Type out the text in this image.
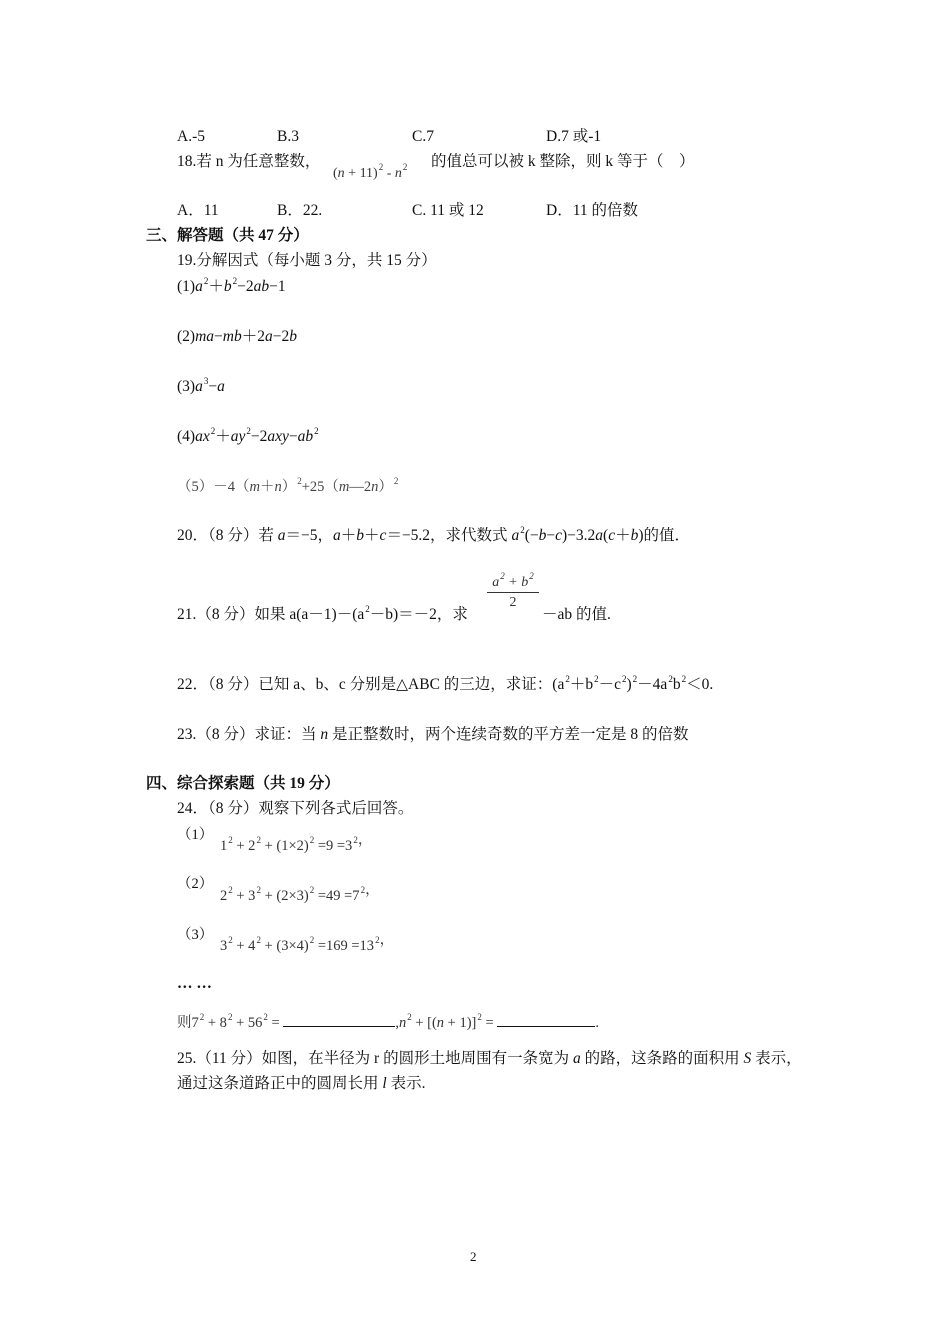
A.-5	B.3	C.7	D.7 或-1
18.若 n 为任意整数，
$(n + 11)^2 - n^2$ 的值总可以被 k 整除，则 k 等于（　）
A．11	B．22.	C. 11 或 12	D．11 的倍数
三、解答题（共 47 分）
19.分解因式（每小题 3 分，共 15 分）
$(1)a^2+b^2-2ab-1$
(2)ma−mb＋2a−2b
$(3)a^3-a$
$(4)ax^2+ay^2-2axy-ab^2$
$(5)-4(m+n)^2+25(m—2n)^2$
20．（8 分）若 a＝−5，a＋b＋c＝−5.2，求代数式 $a^2(-b-c)-3.2a(c+b)$的值．
21.（8 分）如果 $a(a-1)-(a^2-b)=-2$，求
$\frac{a^2 + b^2}{2}$
－ab 的值.
22．（8 分）已知 a、b、c 分别是△ABC 的三边，求证：$(a^2+b^2-c^2)^2-4a^2b^2<0$.
23.（8 分）求证：当 n 是正整数时，两个连续奇数的平方差一定是 8 的倍数
四、综合探索题（共 19 分）
24．（8 分）观察下列各式后回答。
（1）
$1^2 + 2^2 + (1\times 2)^2 =9 =3^2$，
（2）
$2^2 + 3^2 + (2\times 3)^2 =49 =7^2$，
（3）
$3^2 + 4^2 + (3\times 4)^2 =169 =13^2$，
… …
则$7^2 + 8^2 + 56^2$ =	$,n^2 + [(n + 1)]^2$ =	.
25.（11 分）如图，在半径为 r 的圆形土地周围有一条宽为 a 的路，这条路的面积用 S 表示，
通过这条道路正中的圆周长用 l 表示.
2
